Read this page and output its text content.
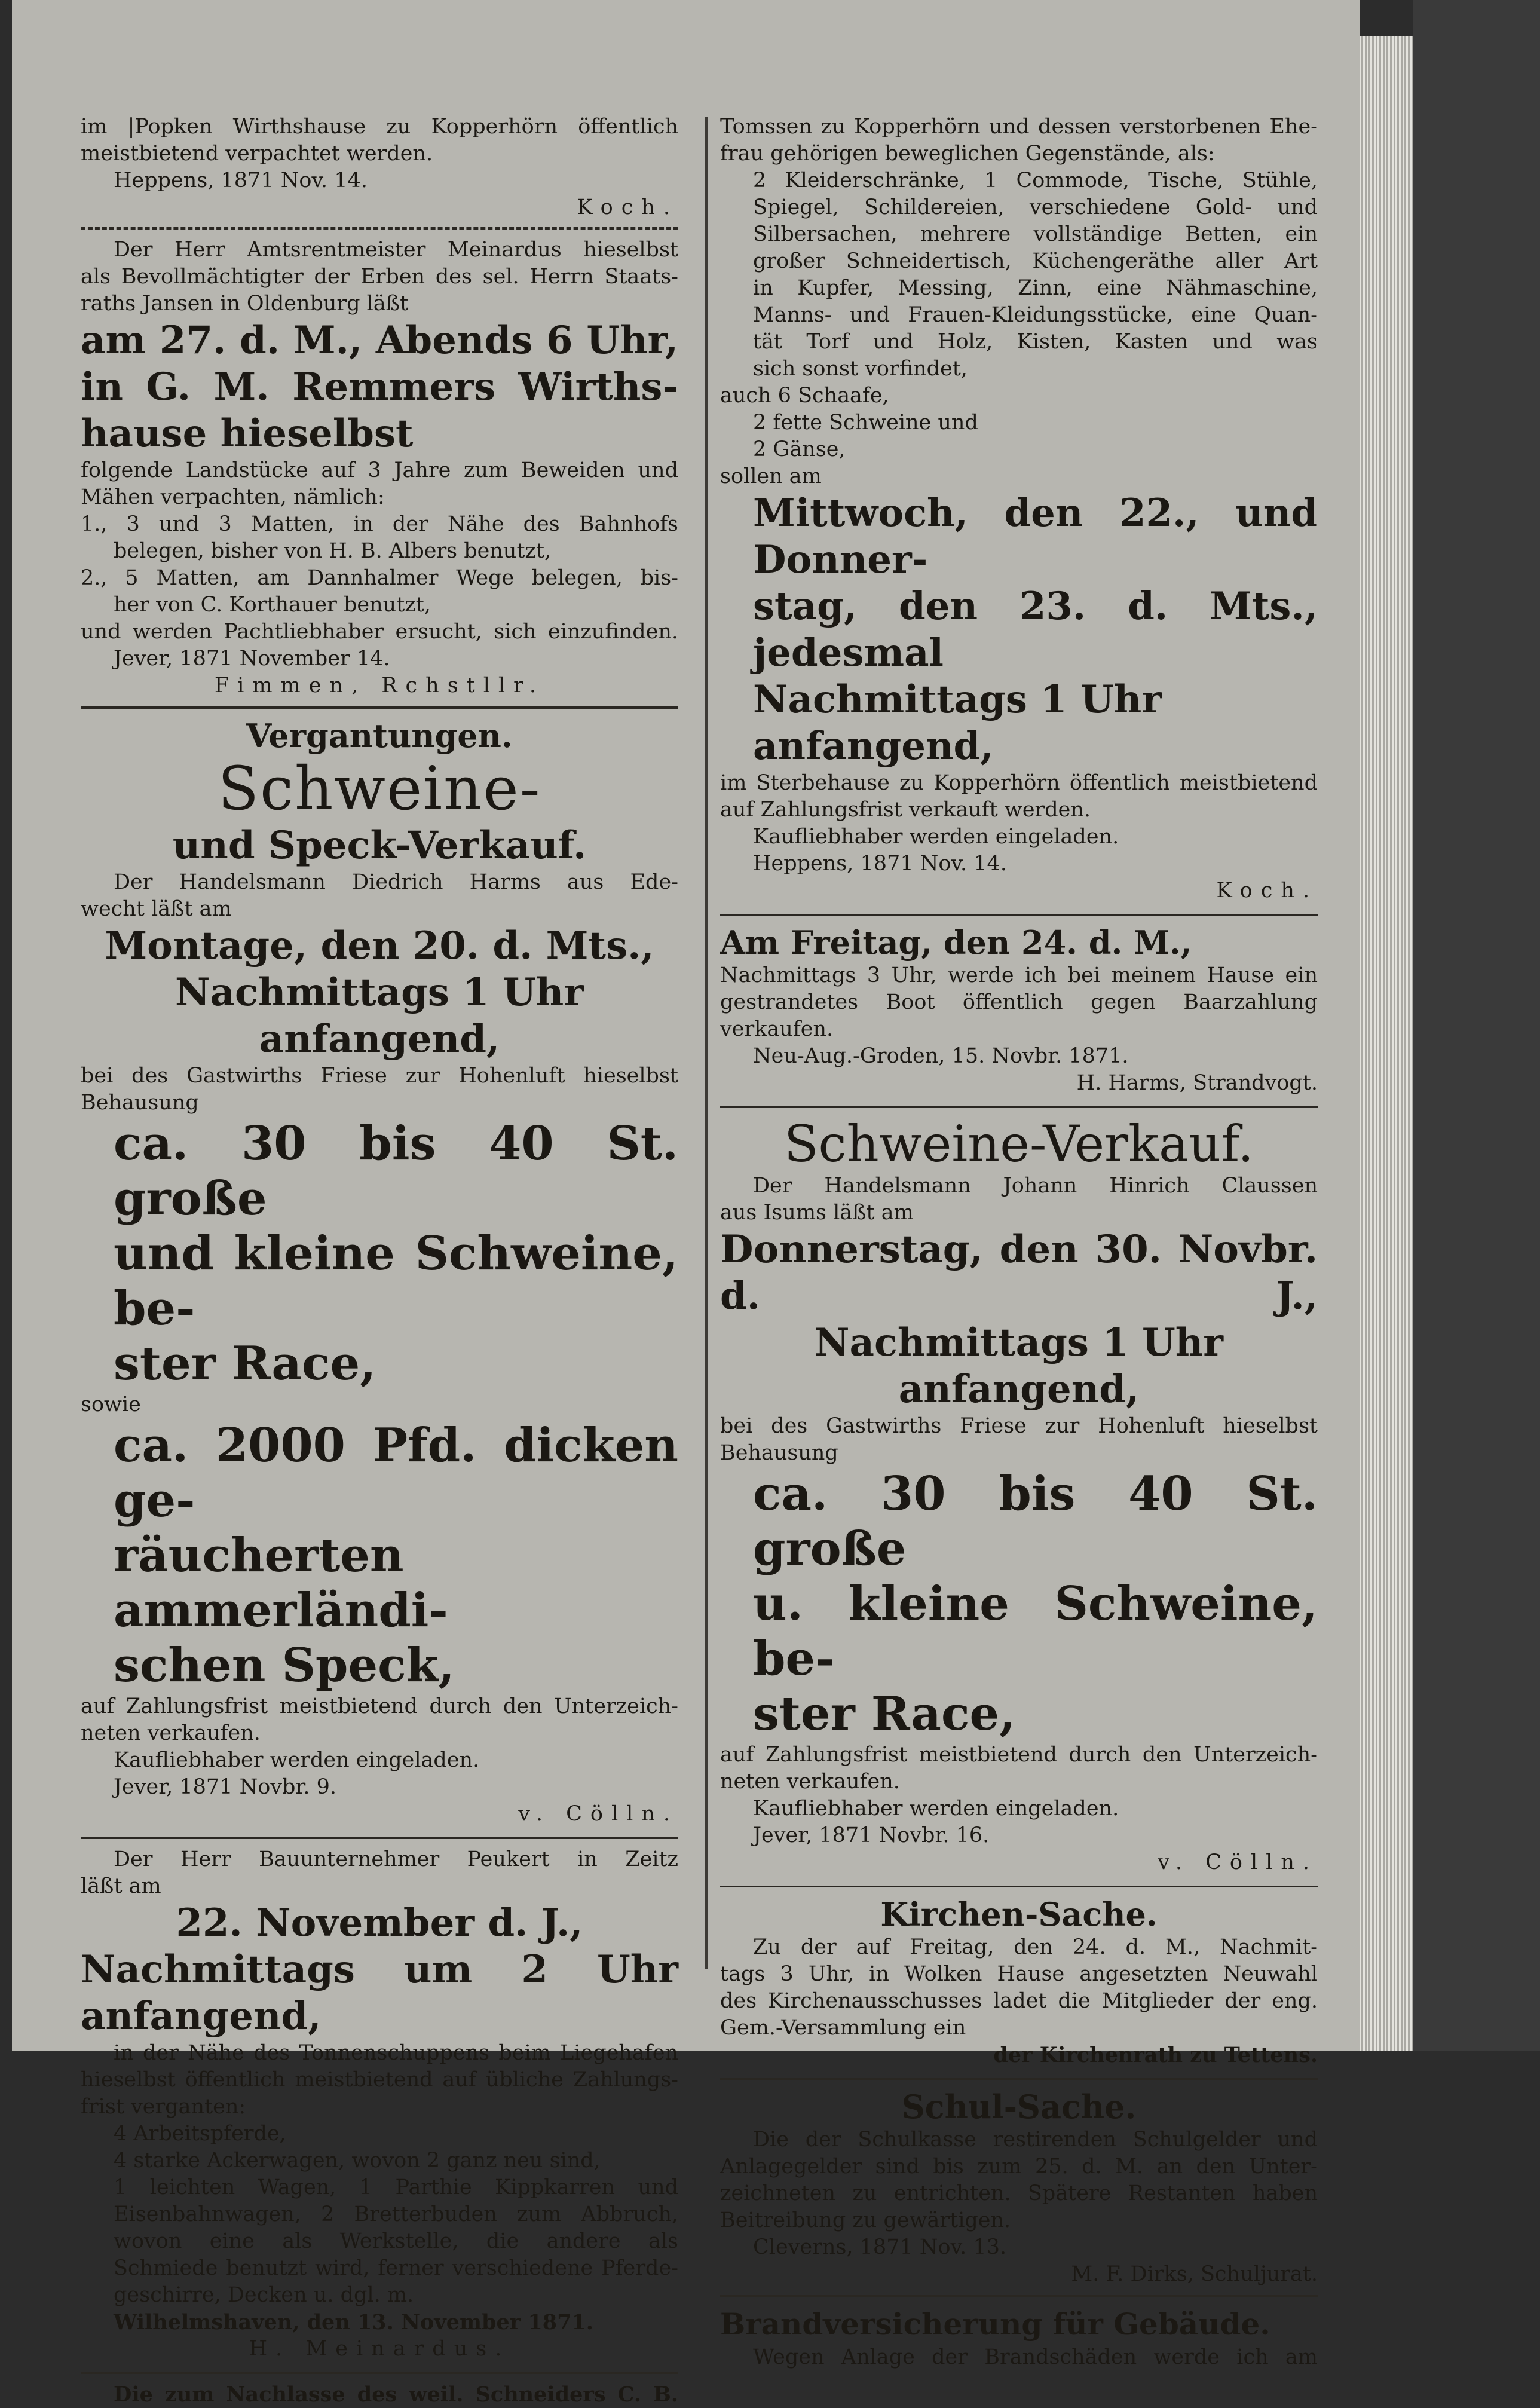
im |Popken Wirthshause zu Kopperhörn öffentlich
meistbietend verpachtet werden.
Heppens, 1871 Nov. 14.
Koch.
Der Herr Amtsrentmeister Meinardus hieselbst
als Bevollmächtigter der Erben des sel. Herrn Staats-
raths Jansen in Oldenburg läßt
am 27. d. M., Abends 6 Uhr,
in G. M. Remmers Wirths-
hause hieselbst
folgende Landstücke auf 3 Jahre zum Beweiden und
Mähen verpachten, nämlich:
1., 3 und 3 Matten, in der Nähe des Bahnhofs
belegen, bisher von H. B. Albers benutzt,
2., 5 Matten, am Dannhalmer Wege belegen, bis-
her von C. Korthauer benutzt,
und werden Pachtliebhaber ersucht, sich einzufinden.
Jever, 1871 November 14.
Fimmen, Rchstllr.
Vergantungen.
Schweine-
und Speck-Verkauf.
Der Handelsmann Diedrich Harms aus Ede-
wecht läßt am
Montage, den 20. d. Mts.,
Nachmittags 1 Uhr anfangend,
bei des Gastwirths Friese zur Hohenluft hieselbst
Behausung
ca. 30 bis 40 St. große
und kleine Schweine, be-
ster Race,
sowie
ca. 2000 Pfd. dicken ge-
räucherten ammerländi-
schen Speck,
auf Zahlungsfrist meistbietend durch den Unterzeich-
neten verkaufen.
Kaufliebhaber werden eingeladen.
Jever, 1871 Novbr. 9.
v. Cölln.
Der Herr Bauunternehmer Peukert in Zeitz
läßt am
22. November d. J.,
Nachmittags um 2 Uhr anfangend,
in der Nähe des Tonnenschuppens beim Liegehafen
hieselbst öffentlich meistbietend auf übliche Zahlungs-
frist verganten:
4 Arbeitspferde,
4 starke Ackerwagen, wovon 2 ganz neu sind,
1 leichten Wagen, 1 Parthie Kippkarren und
Eisenbahnwagen, 2 Bretterbuden zum Abbruch,
wovon eine als Werkstelle, die andere als
Schmiede benutzt wird, ferner verschiedene Pferde-
geschirre, Decken u. dgl. m.
Wilhelmshaven, den 13. November 1871.
H. Meinardus.
Die zum Nachlasse des weil. Schneiders C. B.
Tomssen zu Kopperhörn und dessen verstorbenen Ehe-
frau gehörigen beweglichen Gegenstände, als:
2 Kleiderschränke, 1 Commode, Tische, Stühle,
Spiegel, Schildereien, verschiedene Gold- und
Silbersachen, mehrere vollständige Betten, ein
großer Schneidertisch, Küchengeräthe aller Art
in Kupfer, Messing, Zinn, eine Nähmaschine,
Manns- und Frauen-Kleidungsstücke, eine Quan-
tät Torf und Holz, Kisten, Kasten und was
sich sonst vorfindet,
auch 6 Schaafe,
2 fette Schweine und
2 Gänse,
sollen am
Mittwoch, den 22., und Donner-
stag, den 23. d. Mts., jedesmal
Nachmittags 1 Uhr anfangend,
im Sterbehause zu Kopperhörn öffentlich meistbietend
auf Zahlungsfrist verkauft werden.
Kaufliebhaber werden eingeladen.
Heppens, 1871 Nov. 14.
Koch.
Am Freitag, den 24. d. M.,
Nachmittags 3 Uhr, werde ich bei meinem Hause ein
gestrandetes Boot öffentlich gegen Baarzahlung
verkaufen.
Neu-Aug.-Groden, 15. Novbr. 1871.
H. Harms, Strandvogt.
Schweine-Verkauf.
Der Handelsmann Johann Hinrich Claussen
aus Isums läßt am
Donnerstag, den 30. Novbr. d. J.,
Nachmittags 1 Uhr anfangend,
bei des Gastwirths Friese zur Hohenluft hieselbst
Behausung
ca. 30 bis 40 St. große
u. kleine Schweine, be-
ster Race,
auf Zahlungsfrist meistbietend durch den Unterzeich-
neten verkaufen.
Kaufliebhaber werden eingeladen.
Jever, 1871 Novbr. 16.
v. Cölln.
Kirchen-Sache.
Zu der auf Freitag, den 24. d. M., Nachmit-
tags 3 Uhr, in Wolken Hause angesetzten Neuwahl
des Kirchenausschusses ladet die Mitglieder der eng.
Gem.-Versammlung ein
der Kirchenrath zu Tettens.
Schul-Sache.
Die der Schulkasse restirenden Schulgelder und
Anlagegelder sind bis zum 25. d. M. an den Unter-
zeichneten zu entrichten. Spätere Restanten haben
Beitreibung zu gewärtigen.
Cleverns, 1871 Nov. 13.
M. F. Dirks, Schuljurat.
Brandversicherung für Gebäude.
Wegen Anlage der Brandschäden werde ich am
